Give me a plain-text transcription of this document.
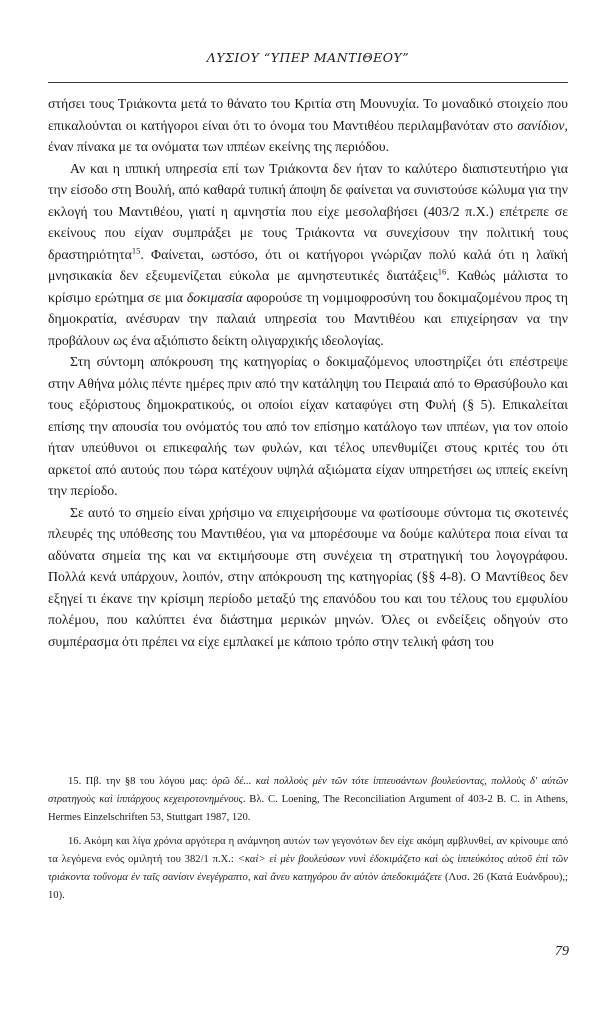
ΛΥΣΙΟΥ “ΥΠΕΡ ΜΑΝΤΙΘΕΟΥ”

στήσει τους Τριάκοντα μετά το θάνατο του Κριτία στη Μουνυχία. Το μοναδικό στοιχείο που επικαλούνται οι κατήγοροι είναι ότι το όνομα του Μαντιθέου περιλαμβανόταν στο σανίδιον, έναν πίνακα με τα ονόματα των ιππέων εκείνης της περιόδου.

Αν και η ιππική υπηρεσία επί των Τριάκοντα δεν ήταν το καλύτερο διαπιστευτήριο για την είσοδο στη Βουλή, από καθαρά τυπική άποψη δε φαίνεται να συνιστούσε κώλυμα για την εκλογή του Μαντιθέου, γιατί η αμνηστία που είχε μεσολαβήσει (403/2 π.Χ.) επέτρεπε σε εκείνους που είχαν συμπράξει με τους Τριάκοντα να συνεχίσουν την πολιτική τους δραστηριότητα$^{15}$. Φαίνεται, ωστόσο, ότι οι κατήγοροι γνώριζαν πολύ καλά ότι η λαϊκή μνησικακία δεν εξευμενίζεται εύκολα με αμνηστευτικές διατάξεις$^{16}$. Καθώς μάλιστα το κρίσιμο ερώτημα σε μια δοκιμασία αφορούσε τη νομιμοφροσύνη του δοκιμαζομένου προς τη δημοκρατία, ανέσυραν την παλαιά υπηρεσία του Μαντιθέου και επιχείρησαν να την προβάλουν ως ένα αξιόπιστο δείκτη ολιγαρχικής ιδεολογίας.

Στη σύντομη απόκρουση της κατηγορίας ο δοκιμαζόμενος υποστηρίζει ότι επέστρεψε στην Αθήνα μόλις πέντε ημέρες πριν από την κατάληψη του Πειραιά από το Θρασύβουλο και τους εξόριστους δημοκρατικούς, οι οποίοι είχαν καταφύγει στη Φυλή (§ 5). Επικαλείται επίσης την απουσία του ονόματός του από τον επίσημο κατάλογο των ιππέων, για τον οποίο ήταν υπεύθυνοι οι επικεφαλής των φυλών, και τέλος υπενθυμίζει στους κριτές του ότι αρκετοί από αυτούς που τώρα κατέχουν υψηλά αξιώματα είχαν υπηρετήσει ως ιππείς εκείνη την περίοδο.

Σε αυτό το σημείο είναι χρήσιμο να επιχειρήσουμε να φωτίσουμε σύντομα τις σκοτεινές πλευρές της υπόθεσης του Μαντιθέου, για να μπορέσουμε να δούμε καλύτερα ποια είναι τα αδύνατα σημεία της και να εκτιμήσουμε στη συνέχεια τη στρατηγική του λογογράφου. Πολλά κενά υπάρχουν, λοιπόν, στην απόκρουση της κατηγορίας (§§ 4-8). Ο Μαντίθεος δεν εξηγεί τι έκανε την κρίσιμη περίοδο μεταξύ της επανόδου του και του τέλους του εμφυλίου πολέμου, που καλύπτει ένα διάστημα μερικών μηνών. Όλες οι ενδείξεις οδηγούν στο συμπέρασμα ότι πρέπει να είχε εμπλακεί με κάποιο τρόπο στην τελική φάση του

15. Πβ. την §8 του λόγου μας: ὁρῶ δέ... καὶ πολλοὺς μὲν τῶν τότε ἱππευσάντων βουλεύοντας, πολλοὺς δ' αὐτῶν στρατηγοὺς καὶ ἱππάρχους κεχειροτονημένους. Βλ. C. Loening, The Reconciliation Argument of 403-2 B. C. in Athens, Hermes Einzelschriften 53, Stuttgart 1987, 120.

16. Ακόμη και λίγα χρόνια αργότερα η ανάμνηση αυτών των γεγονότων δεν είχε ακόμη αμβλυνθεί, αν κρίνουμε από τα λεγόμενα ενός ομιλητή του 382/1 π.Χ.: <καί> εἰ μὲν βουλεύσων νυνὶ ἐδοκιμάζετο καὶ ὡς ἱππεύκότος αὐτοῦ ἐπὶ τῶν τριάκοντα τοὔνομα ἐν ταῖς σανίσιν ἐνεγέγραπτο, καὶ ἄνευ κατηγόρου ἂν αὐτὸν ἀπεδοκιμάζετε (Λυσ. 26 (Κατά Ευάνδρου),; 10).

79
